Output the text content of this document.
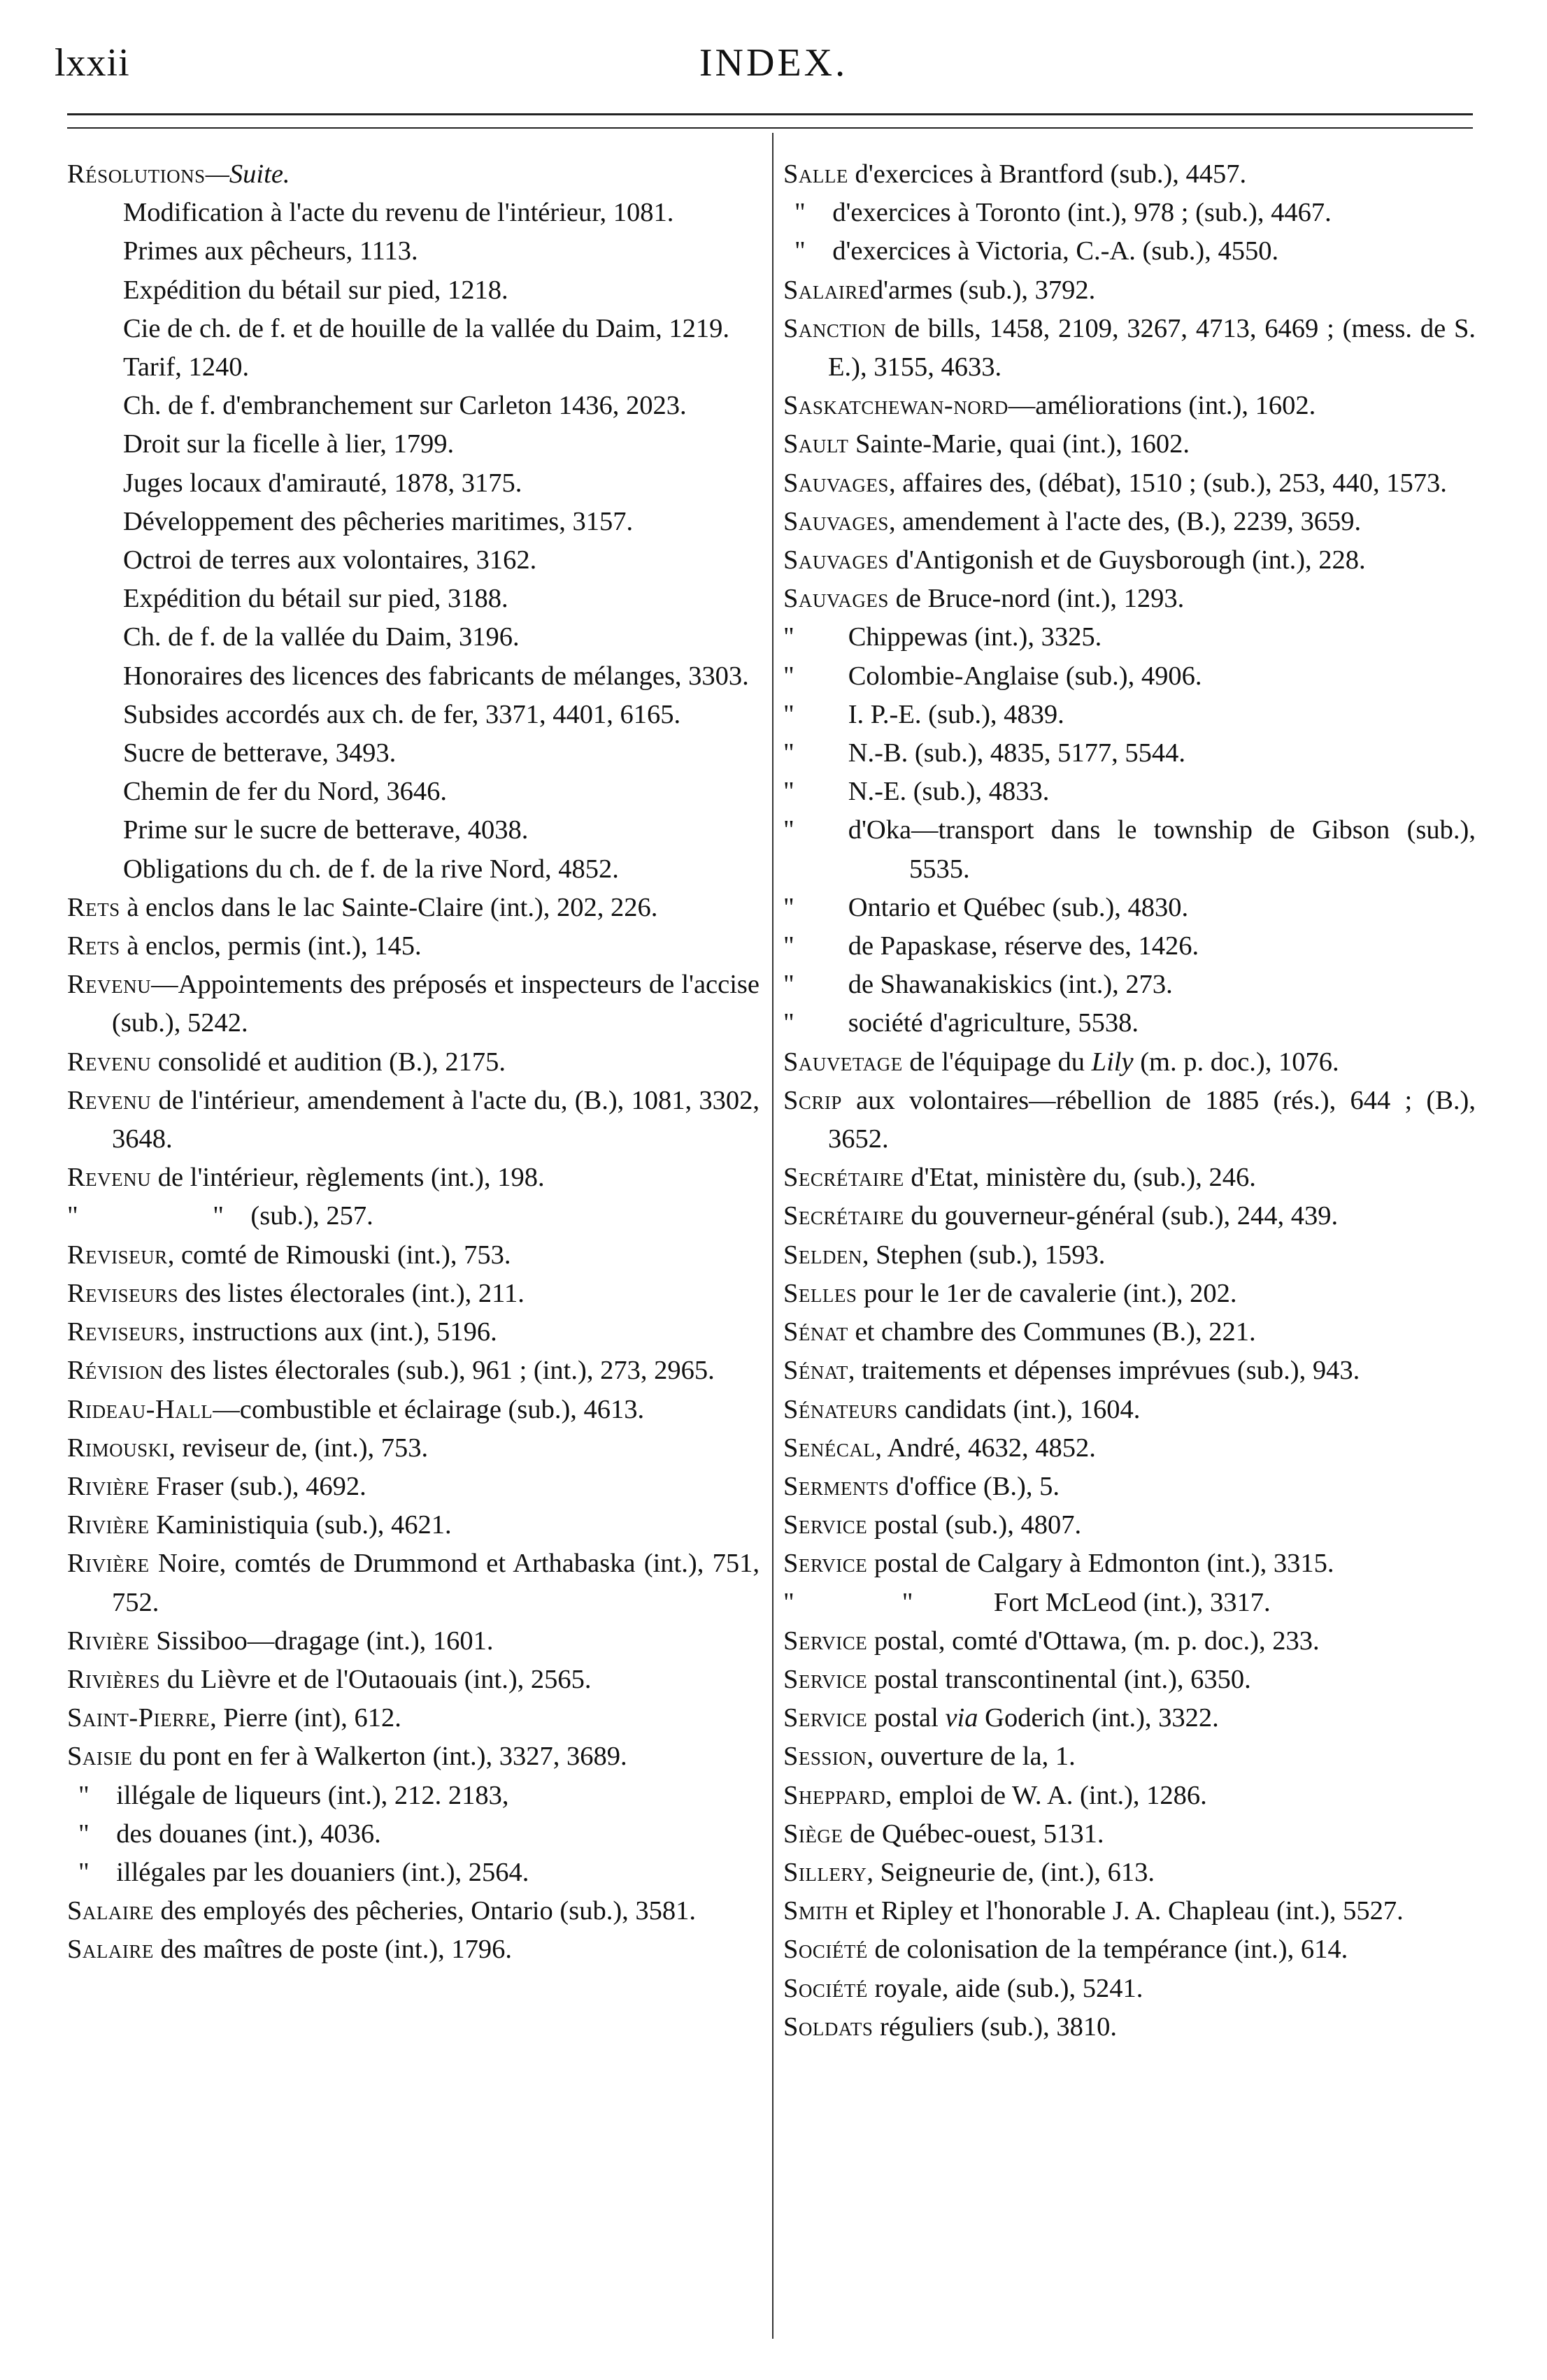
lxxii	INDEX.
Résolutions—Suite.
Modification à l'acte du revenu de l'intérieur, 1081.
Primes aux pêcheurs, 1113.
Expédition du bétail sur pied, 1218.
Cie de ch. de f. et de houille de la vallée du Daim, 1219.
Tarif, 1240.
Ch. de f. d'embranchement sur Carleton 1436, 2023.
Droit sur la ficelle à lier, 1799.
Juges locaux d'amirauté, 1878, 3175.
Développement des pêcheries maritimes, 3157.
Octroi de terres aux volontaires, 3162.
Expédition du bétail sur pied, 3188.
Ch. de f. de la vallée du Daim, 3196.
Honoraires des licences des fabricants de mélanges, 3303.
Subsides accordés aux ch. de fer, 3371, 4401, 6165.
Sucre de betterave, 3493.
Chemin de fer du Nord, 3646.
Prime sur le sucre de betterave, 4038.
Obligations du ch. de f. de la rive Nord, 4852.
Rets à enclos dans le lac Sainte-Claire (int.), 202, 226.
Rets à enclos, permis (int.), 145.
Revenu—Appointements des préposés et inspecteurs de l'accise (sub.), 5242.
Revenu consolidé et audition (B.), 2175.
Revenu de l'intérieur, amendement à l'acte du, (B.), 1081, 3302, 3648.
Revenu de l'intérieur, règlements (int.), 198.
"     " (sub.), 257.
Reviseur, comté de Rimouski (int.), 753.
Reviseurs des listes électorales (int.), 211.
Reviseurs, instructions aux (int.), 5196.
Révision des listes électorales (sub.), 961 ; (int.), 273, 2965.
Rideau-Hall—combustible et éclairage (sub.), 4613.
Rimouski, reviseur de, (int.), 753.
Rivière Fraser (sub.), 4692.
Rivière Kaministiquia (sub.), 4621.
Rivière Noire, comtés de Drummond et Arthabaska (int.), 751, 752.
Rivière Sissiboo—dragage (int.), 1601.
Rivières du Lièvre et de l'Outaouais (int.), 2565.
Saint-Pierre, Pierre (int), 612.
Saisie du pont en fer à Walkerton (int.), 3327, 3689.
" illégale de liqueurs (int.), 212. 2183,
" des douanes (int.), 4036.
" illégales par les douaniers (int.), 2564.
Salaire des employés des pêcheries, Ontario (sub.), 3581.
Salaire des maîtres de poste (int.), 1796.
Salle d'exercices à Brantford (sub.), 4457.
" d'exercices à Toronto (int.), 978 ; (sub.), 4467.
" d'exercices à Victoria, C.-A. (sub.), 4550.
Salaired'armes (sub.), 3792.
Sanction de bills, 1458, 2109, 3267, 4713, 6469 ; (mess. de S. E.), 3155, 4633.
Saskatchewan-nord—améliorations (int.), 1602.
Sault Sainte-Marie, quai (int.), 1602.
Sauvages, affaires des, (débat), 1510 ; (sub.), 253, 440, 1573.
Sauvages, amendement à l'acte des, (B.), 2239, 3659.
Sauvages d'Antigonish et de Guysborough (int.), 228.
Sauvages de Bruce-nord (int.), 1293.
"  Chippewas (int.), 3325.
"  Colombie-Anglaise (sub.), 4906.
"  I. P.-E. (sub.), 4839.
"  N.-B. (sub.), 4835, 5177, 5544.
"  N.-E. (sub.), 4833.
"  d'Oka—transport dans le township de Gibson (sub.), 5535.
"  Ontario et Québec (sub.), 4830.
"  de Papaskase, réserve des, 1426.
"  de Shawanakiskics (int.), 273.
"  société d'agriculture, 5538.
Sauvetage de l'équipage du Lily (m. p. doc.), 1076.
Scrip aux volontaires—rébellion de 1885 (rés.), 644 ; (B.), 3652.
Secrétaire d'Etat, ministère du, (sub.), 246.
Secrétaire du gouverneur-général (sub.), 244, 439.
Selden, Stephen (sub.), 1593.
Selles pour le 1er de cavalerie (int.), 202.
Sénat et chambre des Communes (B.), 221.
Sénat, traitements et dépenses imprévues (sub.), 943.
Sénateurs candidats (int.), 1604.
Senécal, André, 4632, 4852.
Serments d'office (B.), 5.
Service postal (sub.), 4807.
Service postal de Calgary à Edmonton (int.), 3315.
"    "   Fort McLeod (int.), 3317.
Service postal, comté d'Ottawa, (m. p. doc.), 233.
Service postal transcontinental (int.), 6350.
Service postal via Goderich (int.), 3322.
Session, ouverture de la, 1.
Sheppard, emploi de W. A. (int.), 1286.
Siège de Québec-ouest, 5131.
Sillery, Seigneurie de, (int.), 613.
Smith et Ripley et l'honorable J. A. Chapleau (int.), 5527.
Société de colonisation de la tempérance (int.), 614.
Société royale, aide (sub.), 5241.
Soldats réguliers (sub.), 3810.
